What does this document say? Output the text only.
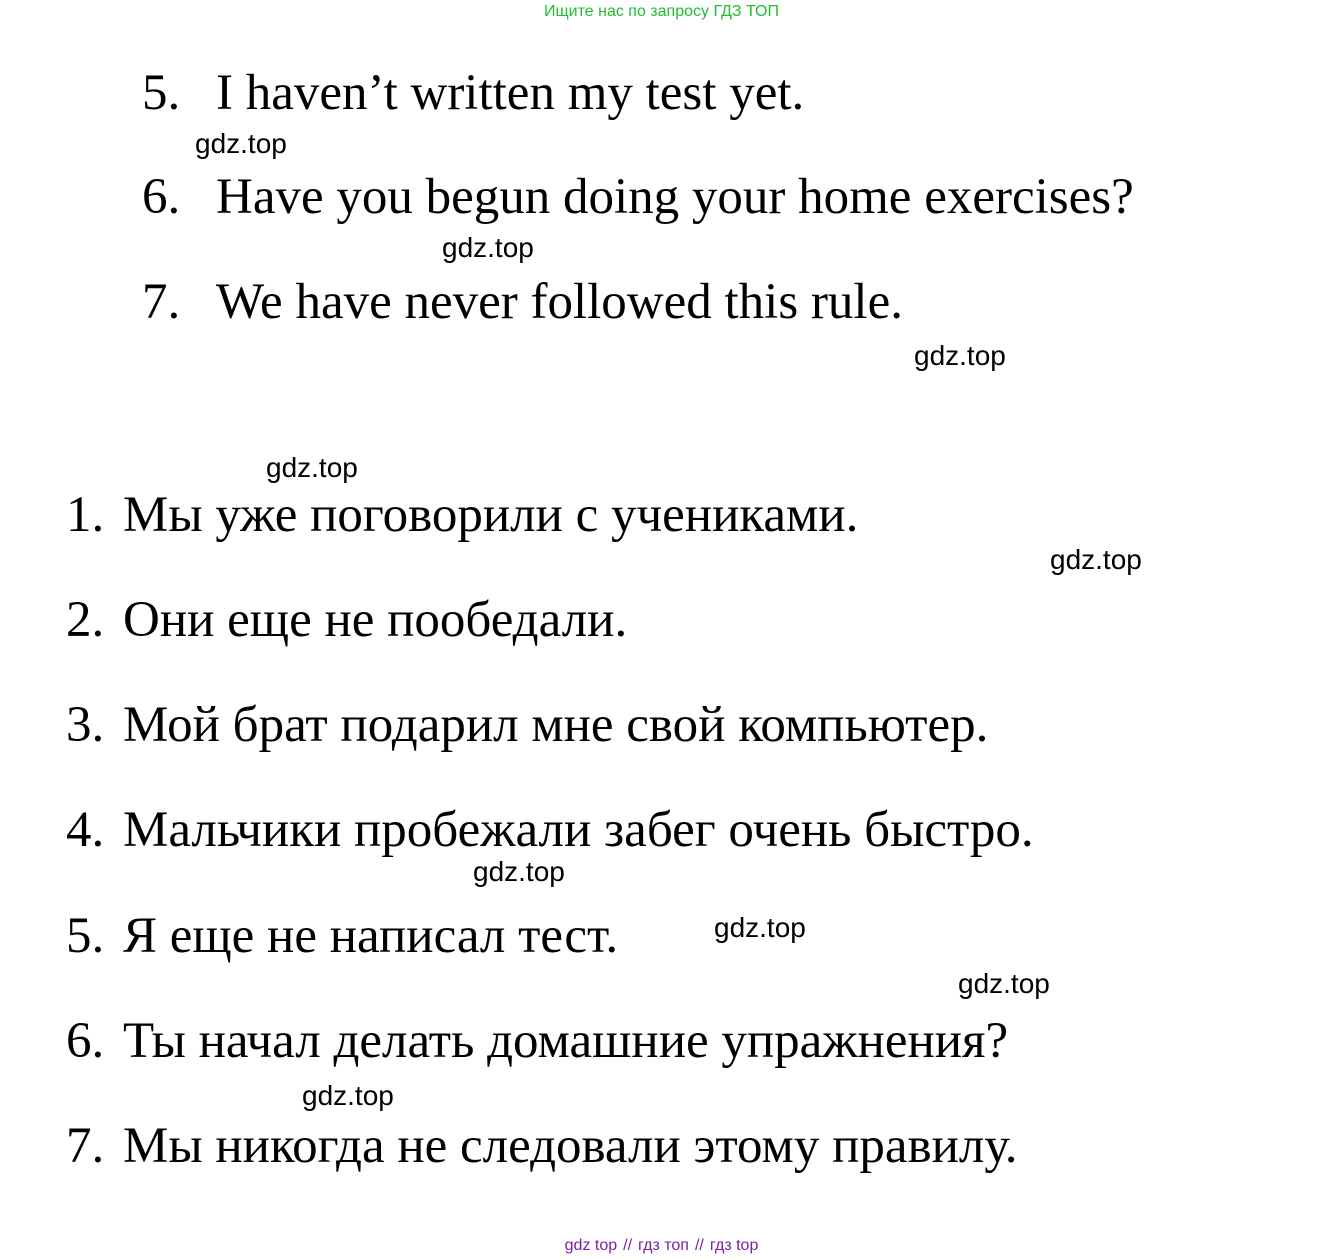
Ищите нас по запросу ГДЗ ТОП
5. I haven’t written my test yet.
6. Have you begun doing your home exercises?
7. We have never followed this rule.
1. Мы уже поговорили с учениками.
2. Они еще не пообедали.
3. Мой брат подарил мне свой компьютер.
4. Мальчики пробежали забег очень быстро.
5. Я еще не написал тест.
6. Ты начал делать домашние упражнения?
7. Мы никогда не следовали этому правилу.
gdz.top
gdz.top
gdz.top
gdz.top
gdz.top
gdz.top
gdz.top
gdz.top
gdz.top
gdz top // гдз топ // гдз top
